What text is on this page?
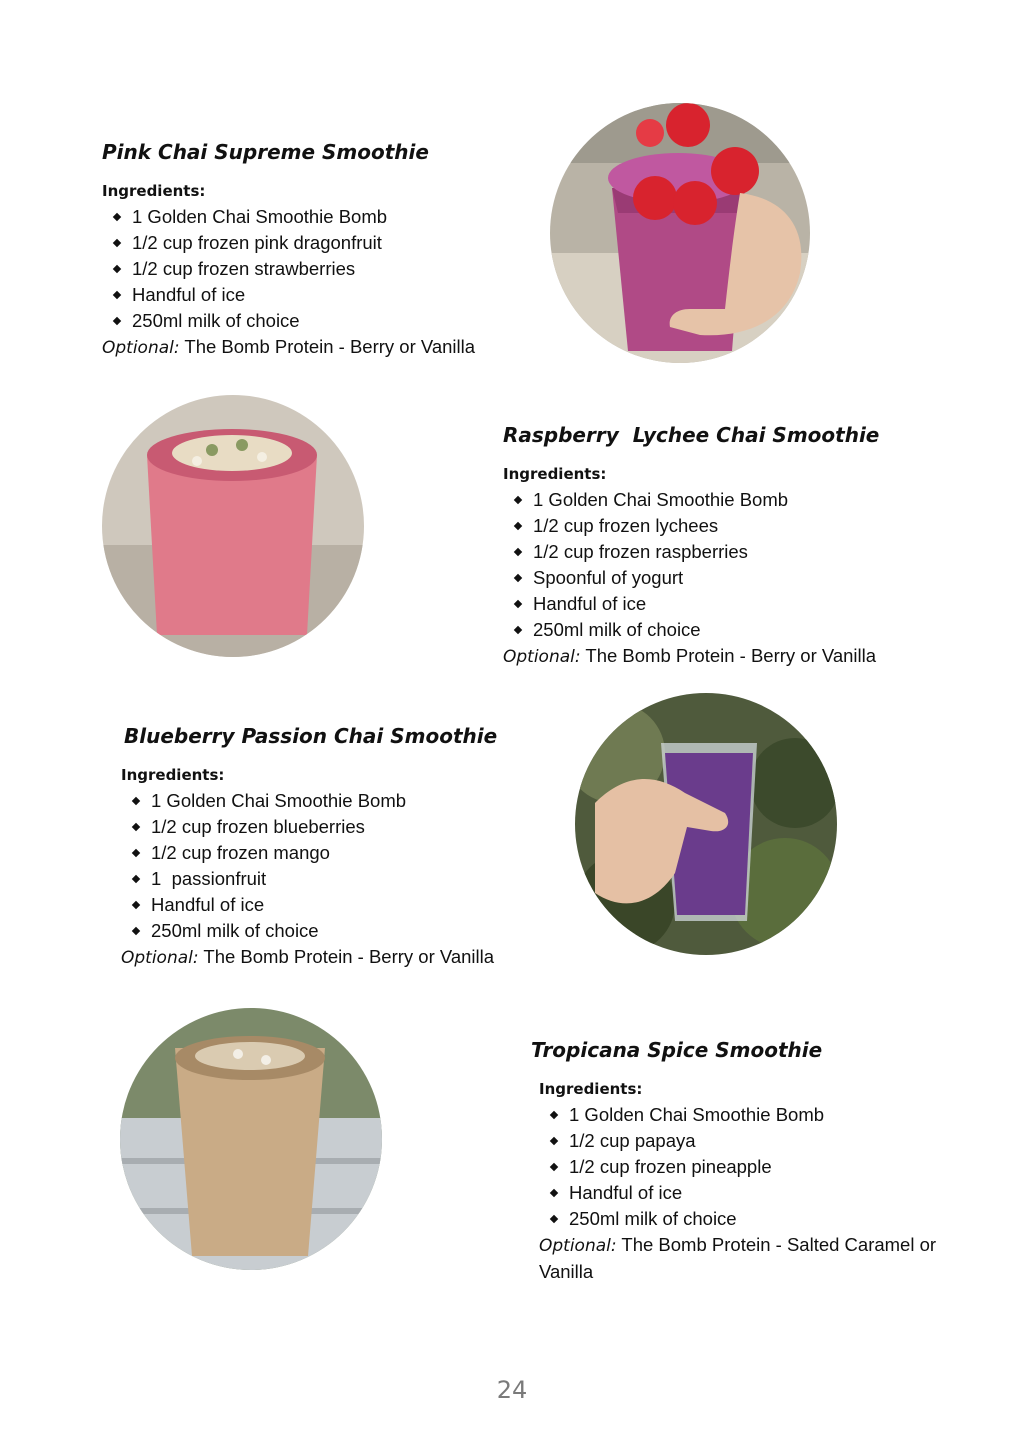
Pink Chai Supreme Smoothie
Ingredients:
1 Golden Chai Smoothie Bomb
1/2 cup frozen pink dragonfruit
1/2 cup frozen strawberries
Handful of ice
250ml milk of choice
Optional: The Bomb Protein - Berry or Vanilla
Raspberry  Lychee Chai Smoothie
Ingredients:
1 Golden Chai Smoothie Bomb
1/2 cup frozen lychees
1/2 cup frozen raspberries
Spoonful of yogurt
Handful of ice
250ml milk of choice
Optional: The Bomb Protein - Berry or Vanilla
Blueberry Passion Chai Smoothie
Ingredients:
1 Golden Chai Smoothie Bomb
1/2 cup frozen blueberries
1/2 cup frozen mango
1  passionfruit
Handful of ice
250ml milk of choice
Optional: The Bomb Protein - Berry or Vanilla
Tropicana Spice Smoothie
Ingredients:
1 Golden Chai Smoothie Bomb
1/2 cup papaya
1/2 cup frozen pineapple
Handful of ice
250ml milk of choice
Optional: The Bomb Protein - Salted Caramel or Vanilla
24
